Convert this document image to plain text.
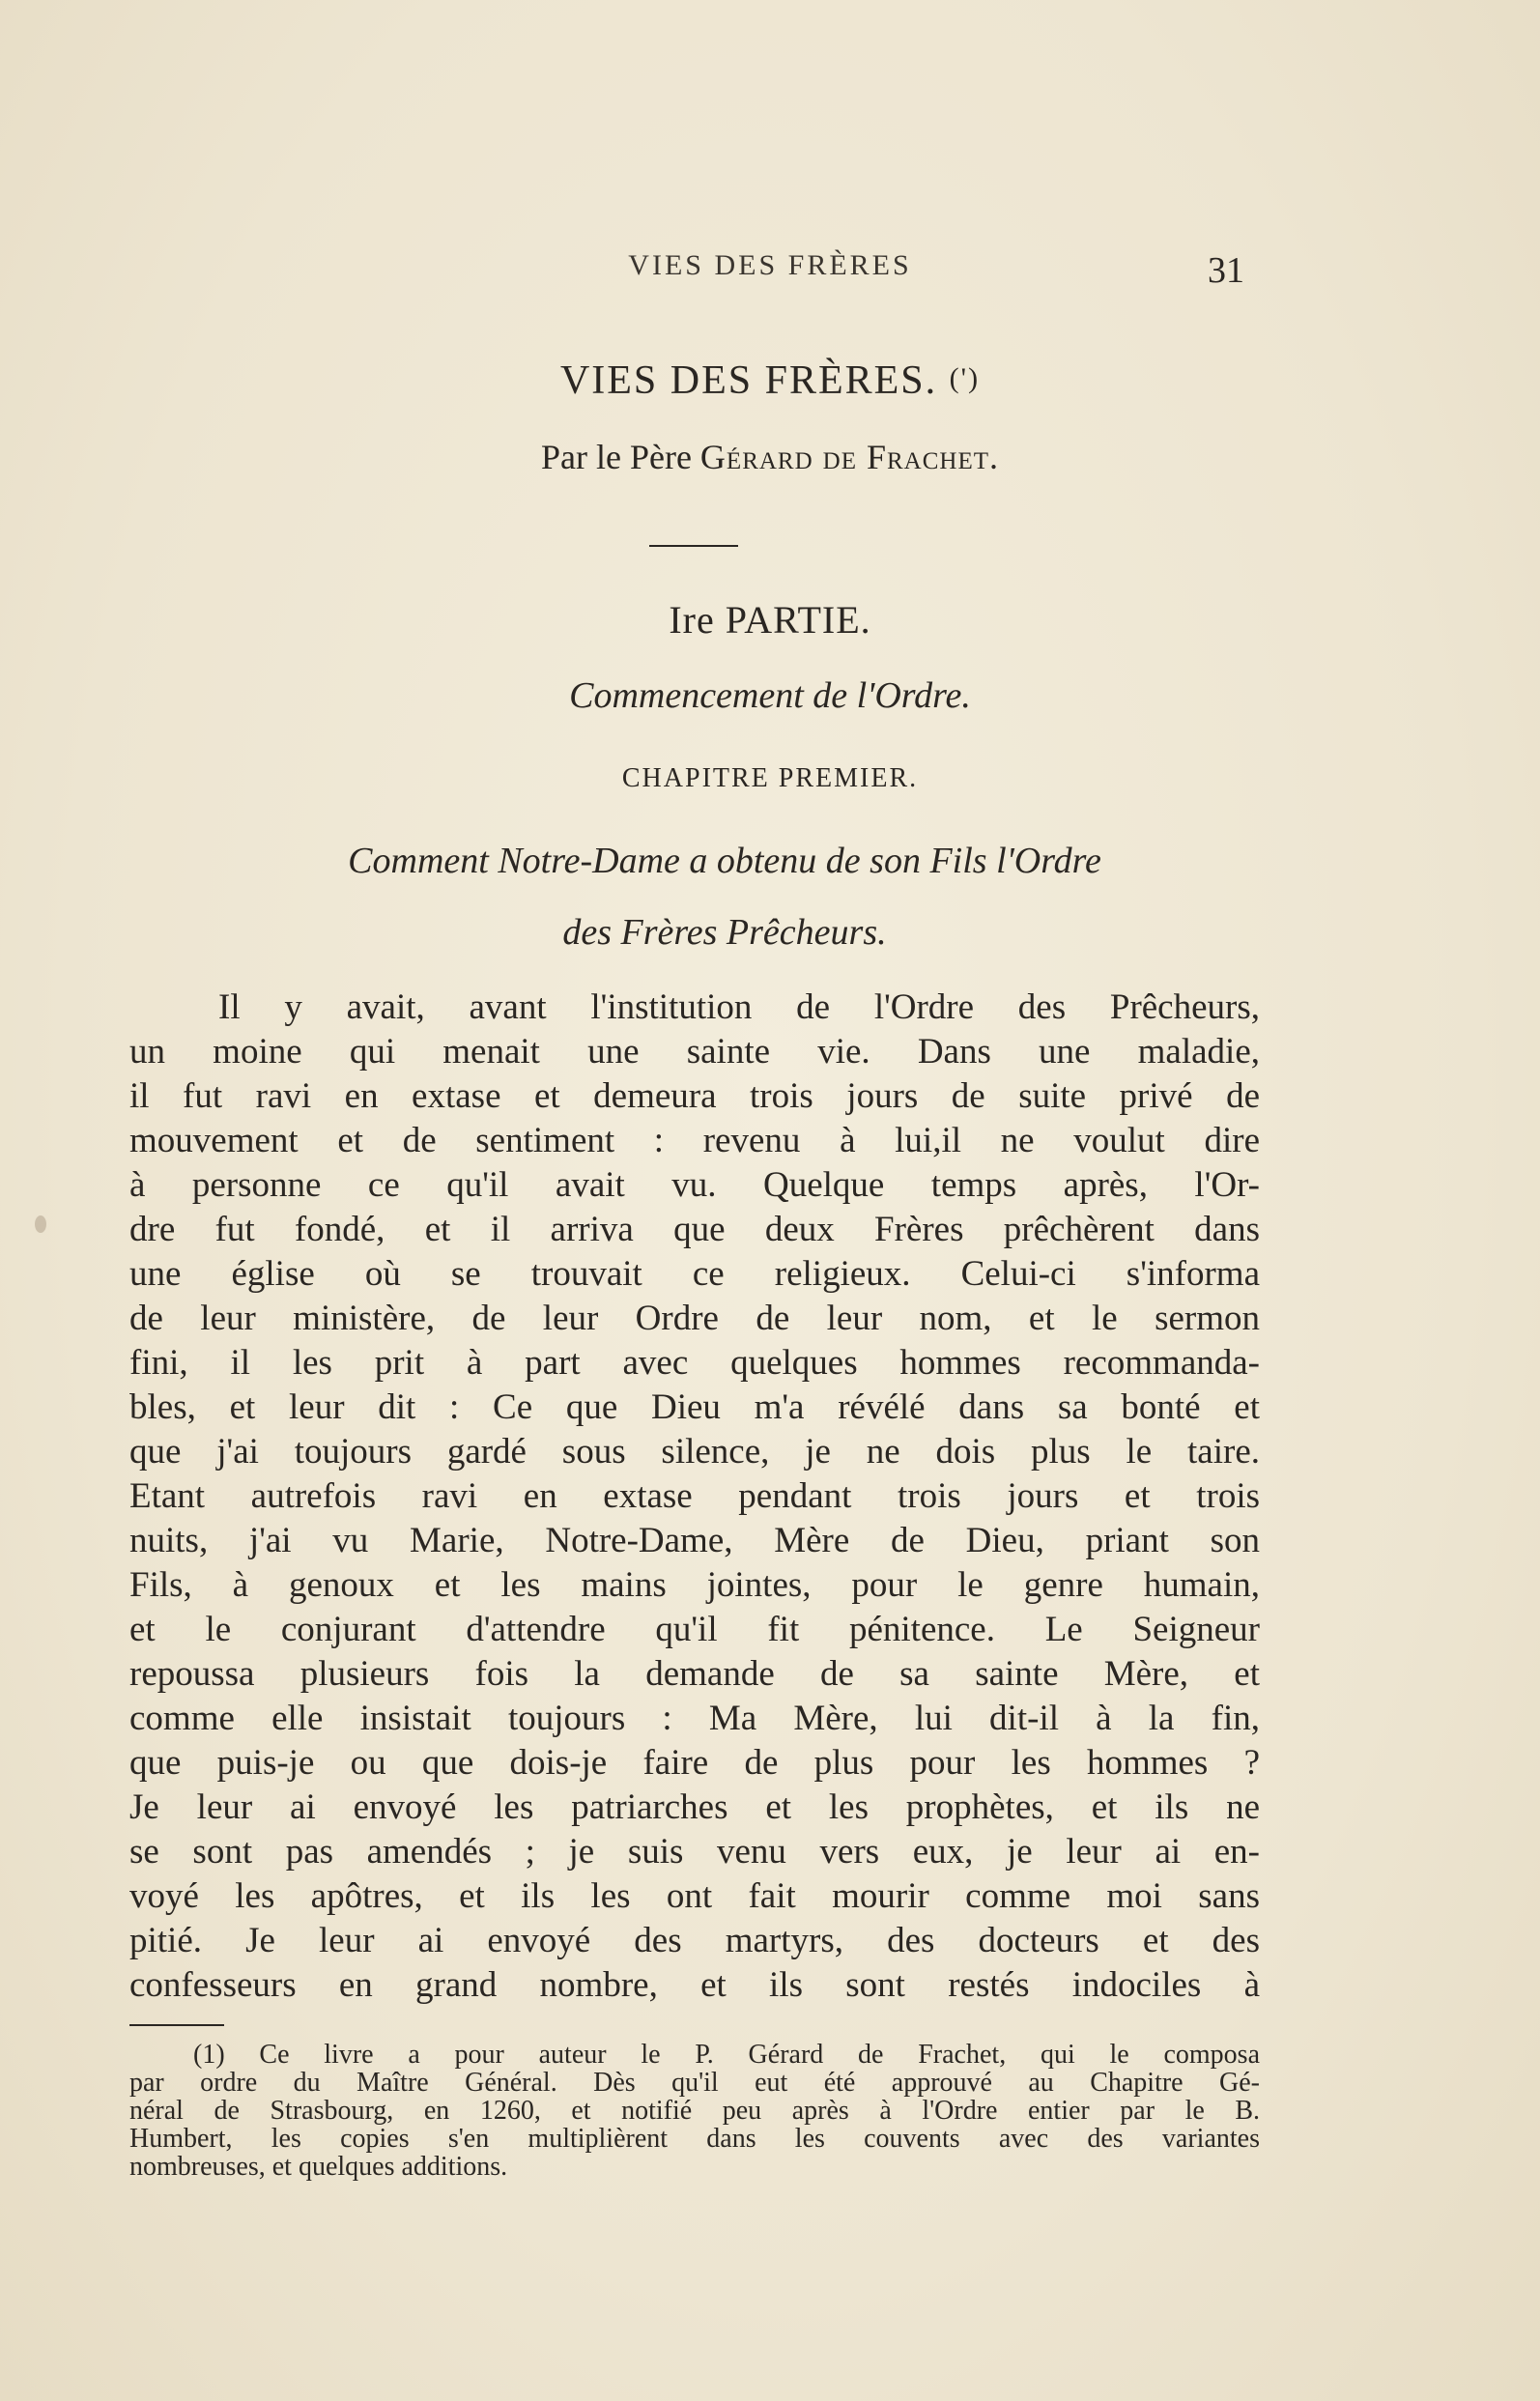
VIES DES FRÈRES	31
VIES DES FRÈRES. (')
Par le Père Gérard de Frachet.
Ire PARTIE.
Commencement de l'Ordre.
CHAPITRE PREMIER.
Comment Notre-Dame a obtenu de son Fils l'Ordre
des Frères Prêcheurs.
Il y avait, avant l'institution de l'Ordre des Prêcheurs,
un moine qui menait une sainte vie. Dans une maladie,
il fut ravi en extase et demeura trois jours de suite privé de
mouvement et de sentiment : revenu à lui,il ne voulut dire
à personne ce qu'il avait vu. Quelque temps après, l'Or-
dre fut fondé, et il arriva que deux Frères prêchèrent dans
une église où se trouvait ce religieux. Celui-ci s'informa
de leur ministère, de leur Ordre de leur nom, et le sermon
fini, il les prit à part avec quelques hommes recommanda-
bles, et leur dit : Ce que Dieu m'a révélé dans sa bonté et
que j'ai toujours gardé sous silence, je ne dois plus le taire.
Etant autrefois ravi en extase pendant trois jours et trois
nuits, j'ai vu Marie, Notre-Dame, Mère de Dieu, priant son
Fils, à genoux et les mains jointes, pour le genre humain,
et le conjurant d'attendre qu'il fit pénitence. Le Seigneur
repoussa plusieurs fois la demande de sa sainte Mère, et
comme elle insistait toujours : Ma Mère, lui dit-il à la fin,
que puis-je ou que dois-je faire de plus pour les hommes ?
Je leur ai envoyé les patriarches et les prophètes, et ils ne
se sont pas amendés ; je suis venu vers eux, je leur ai en-
voyé les apôtres, et ils les ont fait mourir comme moi sans
pitié. Je leur ai envoyé des martyrs, des docteurs et des
confesseurs en grand nombre, et ils sont restés indociles à
(1) Ce livre a pour auteur le P. Gérard de Frachet, qui le composa
par ordre du Maître Général. Dès qu'il eut été approuvé au Chapitre Gé-
néral de Strasbourg, en 1260, et notifié peu après à l'Ordre entier par le B.
Humbert, les copies s'en multiplièrent dans les couvents avec des variantes
nombreuses, et quelques additions.
